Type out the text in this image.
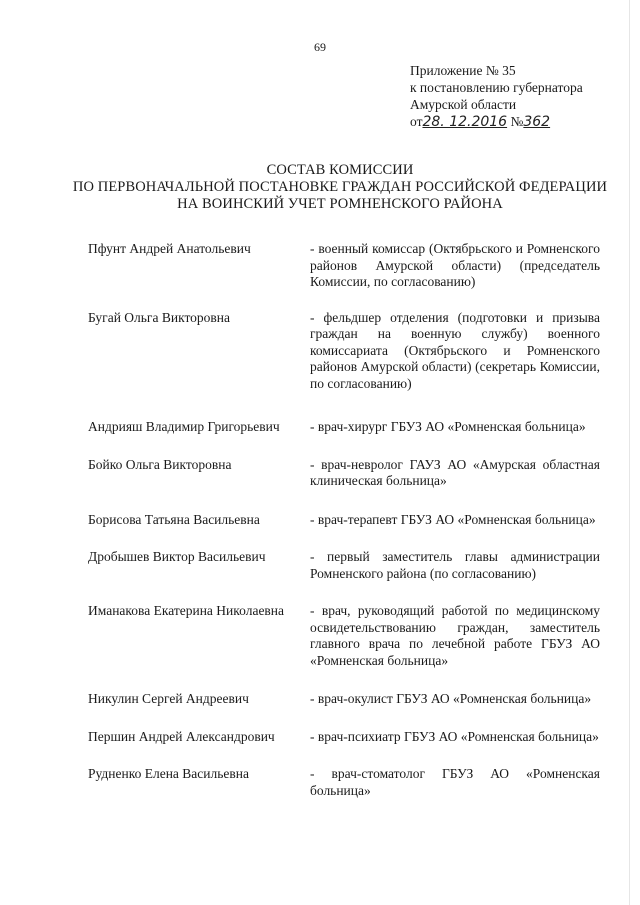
69
Приложение № 35
к постановлению губернатора
Амурской области
от28. 12.2016 №362
СОСТАВ КОМИССИИ
ПО ПЕРВОНАЧАЛЬНОЙ ПОСТАНОВКЕ ГРАЖДАН РОССИЙСКОЙ ФЕДЕРАЦИИ
НА ВОИНСКИЙ УЧЕТ РОМНЕНСКОГО РАЙОНА
Пфунт Андрей Анатольевич	- военный комиссар (Октябрьского и Ромненского районов Амурской области) (председатель Комиссии, по согласованию)
Бугай Ольга Викторовна	- фельдшер отделения (подготовки и призыва граждан на военную службу) военного комиссариата (Октябрьского и Ромненского районов Амурской области) (секретарь Комиссии, по согласованию)
Андрияш Владимир Григорьевич	- врач-хирург ГБУЗ АО «Ромненская больница»
Бойко Ольга Викторовна	- врач-невролог ГАУЗ АО «Амурская областная клиническая больница»
Борисова Татьяна Васильевна	- врач-терапевт ГБУЗ АО «Ромненская больница»
Дробышев Виктор Васильевич	- первый заместитель главы администрации Ромненского района (по согласованию)
Иманакова Екатерина Николаевна	- врач, руководящий работой по медицинскому освидетельствованию граждан, заместитель главного врача по лечебной работе ГБУЗ АО «Ромненская больница»
Никулин Сергей Андреевич	- врач-окулист ГБУЗ АО «Ромненская больница»
Першин Андрей Александрович	- врач-психиатр ГБУЗ АО «Ромненская больница»
Рудненко Елена Васильевна	- врач-стоматолог ГБУЗ АО «Ромненская больница»
